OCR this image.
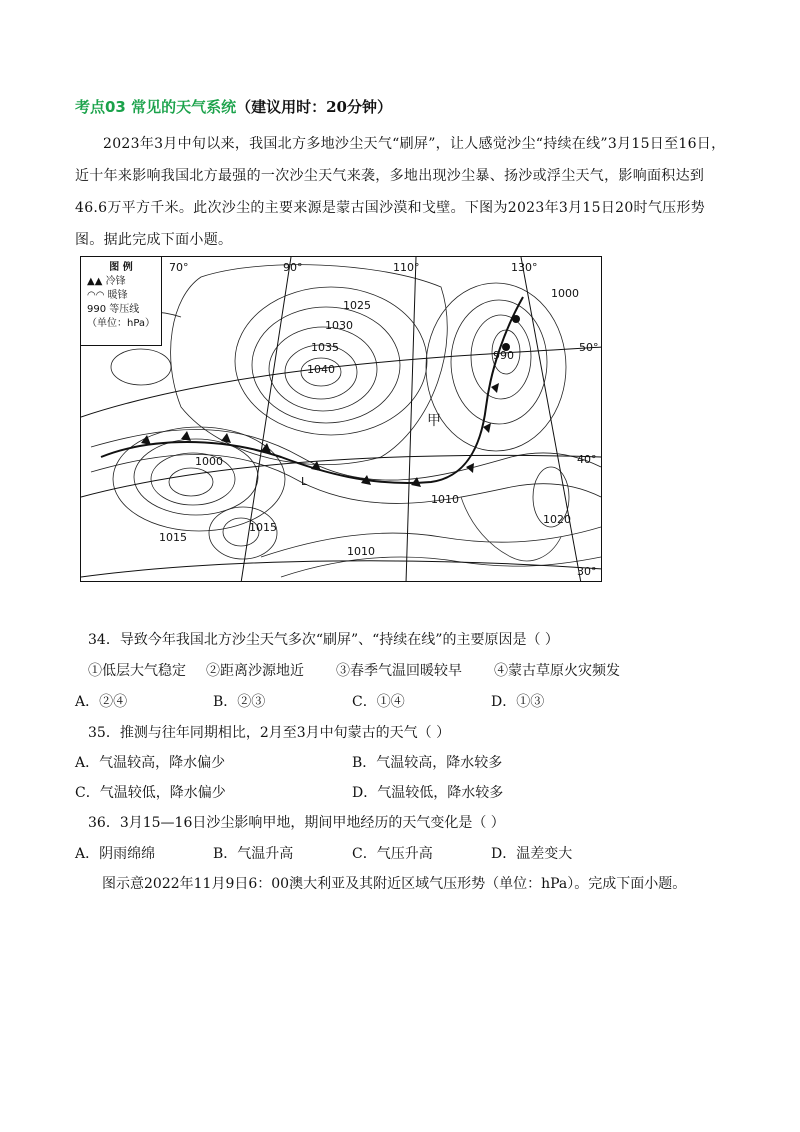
考点03 常见的天气系统（建议用时：20分钟）
2023年3月中旬以来，我国北方多地沙尘天气“刷屏”，让人感觉沙尘“持续在线”3月15日至16日，近十年来影响我国北方最强的一次沙尘天气来袭，多地出现沙尘暴、扬沙或浮尘天气，影响面积达到46.6万平方千米。此次沙尘的主要来源是蒙古国沙漠和戈壁。下图为2023年3月15日20时气压形势图。据此完成下面小题。
70°	90°	110°	130°
50°
40°
30°
1025
1030
1035
1040
1000
1000
990
1010
1010
1015
1015
1020
甲
L
图 例
▲▲ 冷锋
◠◠ 暖锋
990 等压线
（单位：hPa）
34．导致今年我国北方沙尘天气多次“刷屏”、“持续在线”的主要原因是（ ）
①低层大气稳定 ②距离沙源地近 ③春季气温回暖较早 ④蒙古草原火灾频发
A．②④	B．②③	C．①④	D．①③
35．推测与往年同期相比，2月至3月中旬蒙古的天气（ ）
A．气温较高，降水偏少	B．气温较高，降水较多
C．气温较低，降水偏少	D．气温较低，降水较多
36．3月15—16日沙尘影响甲地，期间甲地经历的天气变化是（ ）
A．阴雨绵绵	B．气温升高	C．气压升高	D．温差变大
图示意2022年11月9日6：00澳大利亚及其附近区域气压形势（单位：hPa）。完成下面小题。
